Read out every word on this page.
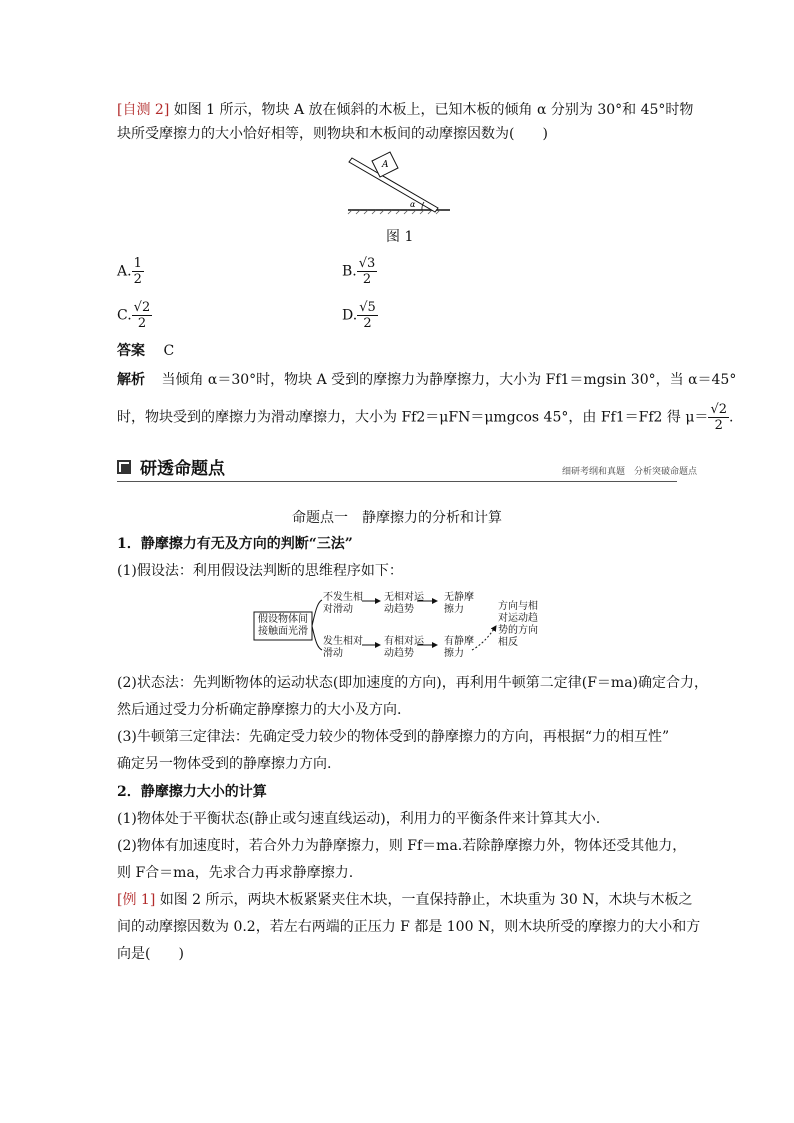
[自测 2] 如图 1 所示，物块 A 放在倾斜的木板上，已知木板的倾角 α 分别为 30°和 45°时物
块所受摩擦力的大小恰好相等，则物块和木板间的动摩擦因数为(　　)
A
α
图 1
A. $\frac{1}{2}$	B. $\frac{√3}{2}$
C. $\frac{√2}{2}$	D. $\frac{√5}{2}$
答案 C
解析 当倾角 α＝30°时，物块 A 受到的摩擦力为静摩擦力，大小为 Ff1＝mgsin 30°，当 α＝45°
时，物块受到的摩擦力为滑动摩擦力，大小为 Ff2＝μFN＝μmgcos 45°，由 Ff1＝Ff2 得 $\mu= \frac{√2}{2}$ .
研透命题点	细研考纲和真题　分析突破命题点
命题点一　静摩擦力的分析和计算
1．静摩擦力有无及方向的判断“三法”
(1)假设法：利用假设法判断的思维程序如下：
假设物体间
接触面光滑
不发生相
对滑动
无相对运
动趋势
无静摩
擦力
发生相对
滑动
有相对运
动趋势
有静摩
擦力
方向与相
对运动趋
势的方向
相反
(2)状态法：先判断物体的运动状态(即加速度的方向)，再利用牛顿第二定律(F＝ma)确定合力，
然后通过受力分析确定静摩擦力的大小及方向.
(3)牛顿第三定律法：先确定受力较少的物体受到的静摩擦力的方向，再根据“力的相互性”
确定另一物体受到的静摩擦力方向.
2．静摩擦力大小的计算
(1)物体处于平衡状态(静止或匀速直线运动)，利用力的平衡条件来计算其大小.
(2)物体有加速度时，若合外力为静摩擦力，则 Ff＝ma.若除静摩擦力外，物体还受其他力，
则 F合＝ma，先求合力再求静摩擦力.
[例 1] 如图 2 所示，两块木板紧紧夹住木块，一直保持静止，木块重为 30 N，木块与木板之
间的动摩擦因数为 0.2，若左右两端的正压力 F 都是 100 N，则木块所受的摩擦力的大小和方
向是(　　)
